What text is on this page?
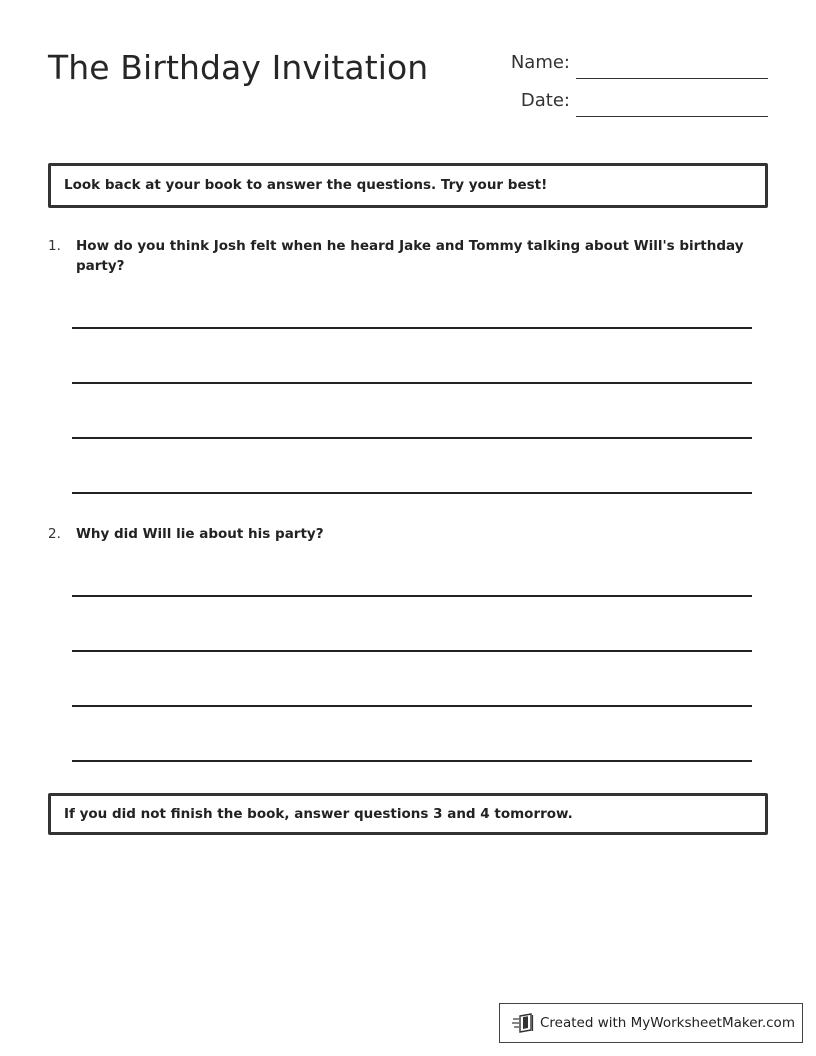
The Birthday Invitation	Name:
Date:
Look back at your book to answer the questions. Try your best!
1. How do you think Josh felt when he heard Jake and Tommy talking about Will's birthday party?
2. Why did Will lie about his party?
If you did not finish the book, answer questions 3 and 4 tomorrow.
Created with MyWorksheetMaker.com
